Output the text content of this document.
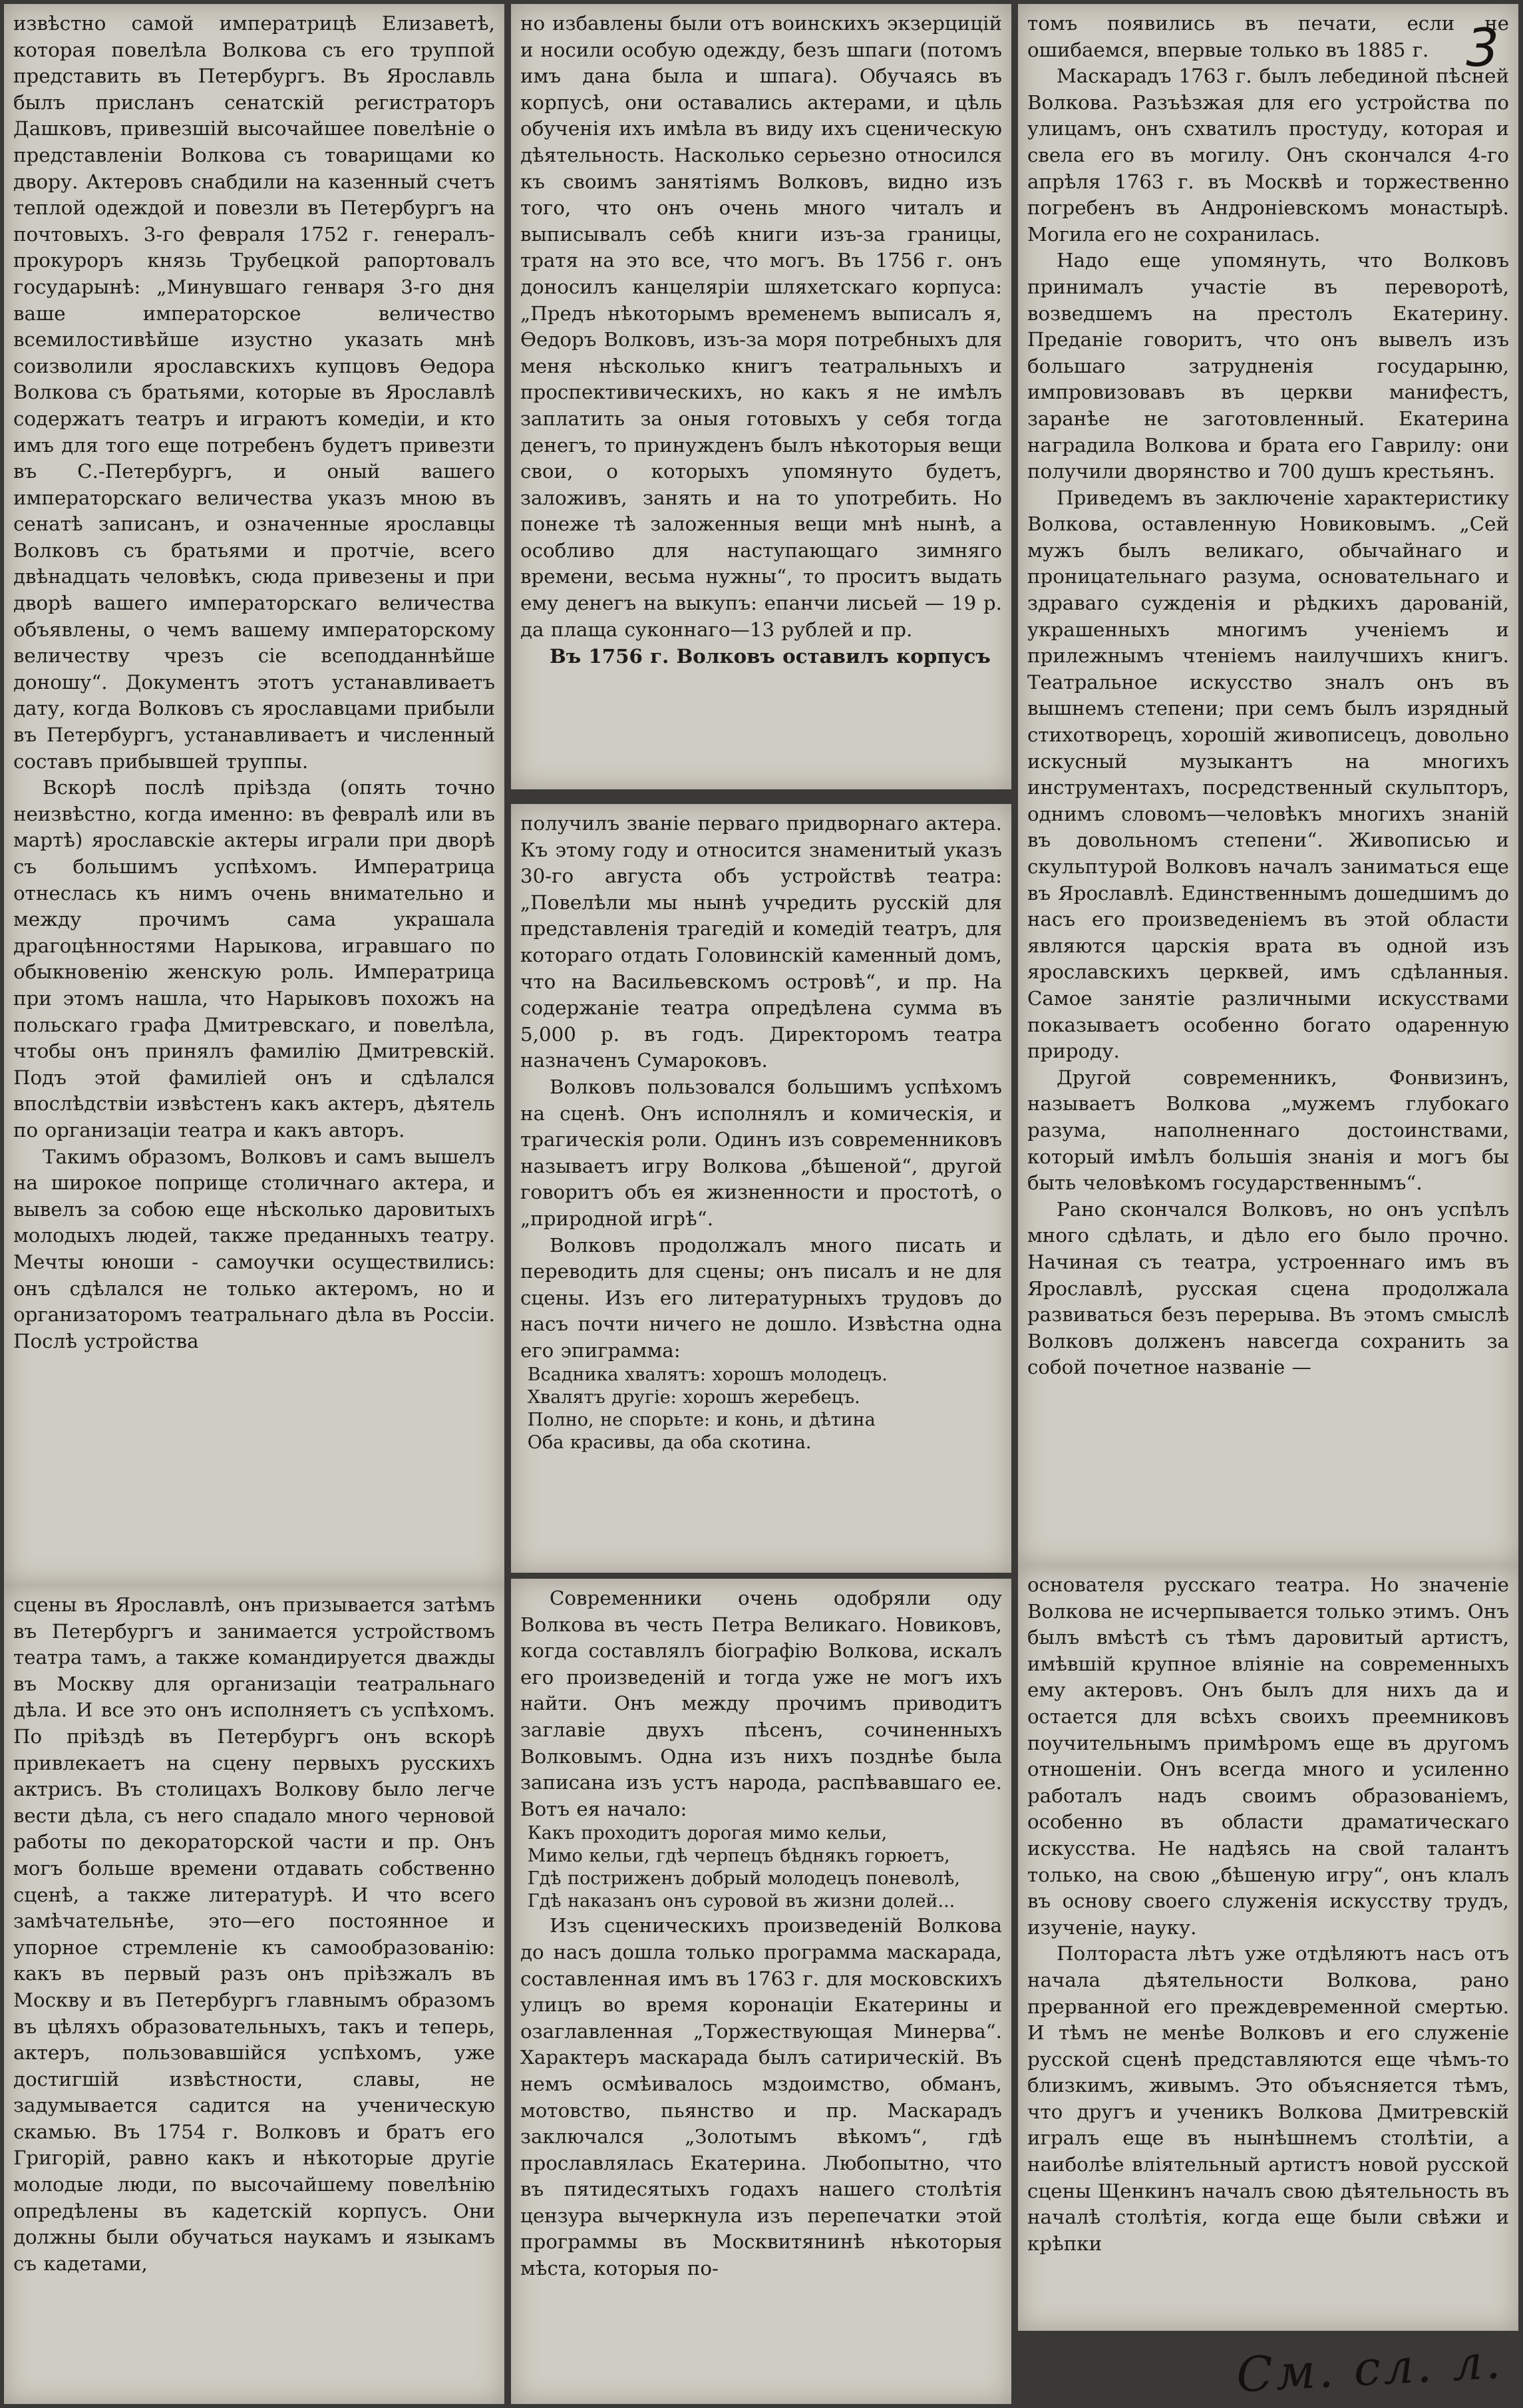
извѣстно самой императрицѣ Елизаветѣ, которая повелѣла Волкова съ его труппой представить въ Петербургъ. Въ Ярославль былъ присланъ сенатскій регистраторъ Дашковъ, привезшій высочайшее повелѣніе о представленіи Волкова съ товарищами ко двору. Актеровъ снабдили на казенный счетъ теплой одеждой и повезли въ Петербургъ на почтовыхъ. 3-го февраля 1752 г. генералъ-прокуроръ князь Трубецкой рапортовалъ государынѣ: „Минувшаго генваря 3-го дня ваше императорское величество всемилостивѣйше изустно указать мнѣ соизволили ярославскихъ купцовъ Ѳедора Волкова съ братьями, которые въ Ярославлѣ содержатъ театръ и играютъ комедіи, и кто имъ для того еще потребенъ будетъ привезти въ С.-Петербургъ, и оный вашего императорскаго величества указъ мною въ сенатѣ записанъ, и означенные ярославцы Волковъ съ братьями и протчіе, всего двѣнадцать человѣкъ, сюда привезены и при дворѣ вашего императорскаго величества объявлены, о чемъ вашему императорскому величеству чрезъ сіе всеподданнѣйше доношу“. Документъ этотъ устанавливаетъ дату, когда Волковъ съ ярославцами прибыли въ Петербургъ, устанавливаетъ и численный составъ прибывшей труппы.

Вскорѣ послѣ пріѣзда (опять точно неизвѣстно, когда именно: въ февралѣ или въ мартѣ) ярославскіе актеры играли при дворѣ съ большимъ успѣхомъ. Императрица отнеслась къ нимъ очень внимательно и между прочимъ сама украшала драгоцѣнностями Нарыкова, игравшаго по обыкновенію женскую роль. Императрица при этомъ нашла, что Нарыковъ похожъ на польскаго графа Дмитревскаго, и повелѣла, чтобы онъ принялъ фамилію Дмитревскій. Подъ этой фамиліей онъ и сдѣлался впослѣдствіи извѣстенъ какъ актеръ, дѣятель по организаціи театра и какъ авторъ.

Такимъ образомъ, Волковъ и самъ вышелъ на широкое поприще столичнаго актера, и вывелъ за собою еще нѣсколько даровитыхъ молодыхъ людей, также преданныхъ театру. Мечты юноши - самоучки осуществились: онъ сдѣлался не только актеромъ, но и организаторомъ театральнаго дѣла въ Россіи. Послѣ устройства

сцены въ Ярославлѣ, онъ призывается затѣмъ въ Петербургъ и занимается устройствомъ театра тамъ, а также командируется дважды въ Москву для организаціи театральнаго дѣла. И все это онъ исполняетъ съ успѣхомъ. По пріѣздѣ въ Петербургъ онъ вскорѣ привлекаетъ на сцену первыхъ русскихъ актрисъ. Въ столицахъ Волкову было легче вести дѣла, съ него спадало много черновой работы по декораторской части и пр. Онъ могъ больше времени отдавать собственно сценѣ, а также литературѣ. И что всего замѣчательнѣе, это—его постоянное и упорное стремленіе къ самообразованію: какъ въ первый разъ онъ пріѣзжалъ въ Москву и въ Петербургъ главнымъ образомъ въ цѣляхъ образовательныхъ, такъ и теперь, актеръ, пользовавшійся успѣхомъ, уже достигшій извѣстности, славы, не задумывается садится на ученическую скамью. Въ 1754 г. Волковъ и братъ его Григорій, равно какъ и нѣкоторые другіе молодые люди, по высочайшему повелѣнію опредѣлены въ кадетскій корпусъ. Они должны были обучаться наукамъ и языкамъ съ кадетами,

но избавлены были отъ воинскихъ экзерцицій и носили особую одежду, безъ шпаги (потомъ имъ дана была и шпага). Обучаясь въ корпусѣ, они оставались актерами, и цѣль обученія ихъ имѣла въ виду ихъ сценическую дѣятельность. Насколько серьезно относился къ своимъ занятіямъ Волковъ, видно изъ того, что онъ очень много читалъ и выписывалъ себѣ книги изъ-за границы, тратя на это все, что могъ. Въ 1756 г. онъ доносилъ канцеляріи шляхетскаго корпуса: „Предъ нѣкоторымъ временемъ выписалъ я, Ѳедоръ Волковъ, изъ-за моря потребныхъ для меня нѣсколько книгъ театральныхъ и проспективическихъ, но какъ я не имѣлъ заплатить за оныя готовыхъ у себя тогда денегъ, то принужденъ былъ нѣкоторыя вещи свои, о которыхъ упомянуто будетъ, заложивъ, занять и на то употребить. Но понеже тѣ заложенныя вещи мнѣ нынѣ, а особливо для наступающаго зимняго времени, весьма нужны“, то проситъ выдать ему денегъ на выкупъ: епанчи лисьей — 19 р. да плаща суконнаго—13 рублей и пр.

Въ 1756 г. Волковъ оставилъ корпусъ

получилъ званіе перваго придворнаго актера. Къ этому году и относится знаменитый указъ 30-го августа объ устройствѣ театра: „Повелѣли мы нынѣ учредить русскій для представленія трагедій и комедій театръ, для котораго отдать Головинскій каменный домъ, что на Васильевскомъ островѣ“, и пр. На содержаніе театра опредѣлена сумма въ 5,000 р. въ годъ. Директоромъ театра назначенъ Сумароковъ.

Волковъ пользовался большимъ успѣхомъ на сценѣ. Онъ исполнялъ и комическія, и трагическія роли. Одинъ изъ современниковъ называетъ игру Волкова „бѣшеной“, другой говоритъ объ ея жизненности и простотѣ, о „природной игрѣ“.

Волковъ продолжалъ много писать и переводить для сцены; онъ писалъ и не для сцены. Изъ его литературныхъ трудовъ до насъ почти ничего не дошло. Извѣстна одна его эпиграмма:

Всадника хвалятъ: хорошъ молодецъ.

Хвалятъ другіе: хорошъ жеребецъ.

Полно, не спорьте: и конь, и дѣтина

Оба красивы, да оба скотина.

Современники очень одобряли оду Волкова въ честь Петра Великаго. Новиковъ, когда составлялъ біографію Волкова, искалъ его произведеній и тогда уже не могъ ихъ найти. Онъ между прочимъ приводитъ заглавіе двухъ пѣсенъ, сочиненныхъ Волковымъ. Одна изъ нихъ позднѣе была записана изъ устъ народа, распѣвавшаго ее. Вотъ ея начало:

Какъ проходитъ дорогая мимо кельи,

Мимо кельи, гдѣ черпецъ бѣднякъ горюетъ,

Гдѣ постриженъ добрый молодецъ поневолѣ,

Гдѣ наказанъ онъ суровой въ жизни долей...

Изъ сценическихъ произведеній Волкова до насъ дошла только программа маскарада, составленная имъ въ 1763 г. для московскихъ улицъ во время коронаціи Екатерины и озаглавленная „Торжествующая Минерва“. Характеръ маскарада былъ сатирическій. Въ немъ осмѣивалось мздоимство, обманъ, мотовство, пьянство и пр. Маскарадъ заключался „Золотымъ вѣкомъ“, гдѣ прославлялась Екатерина. Любопытно, что въ пятидесятыхъ годахъ нашего столѣтія цензура вычеркнула изъ перепечатки этой программы въ Москвитянинѣ нѣкоторыя мѣста, которыя по-

томъ появились въ печати, если не ошибаемся, впервые только въ 1885 г.

Маскарадъ 1763 г. былъ лебединой пѣсней Волкова. Разъѣзжая для его устройства по улицамъ, онъ схватилъ простуду, которая и свела его въ могилу. Онъ скончался 4-го апрѣля 1763 г. въ Москвѣ и торжественно погребенъ въ Андроніевскомъ монастырѣ. Могила его не сохранилась.

Надо еще упомянуть, что Волковъ принималъ участіе въ переворотѣ, возведшемъ на престолъ Екатерину. Преданіе говоритъ, что онъ вывелъ изъ большаго затрудненія государыню, импровизовавъ въ церкви манифестъ, заранѣе не заготовленный. Екатерина наградила Волкова и брата его Гаврилу: они получили дворянство и 700 душъ крестьянъ.

Приведемъ въ заключеніе характеристику Волкова, оставленную Новиковымъ. „Сей мужъ былъ великаго, обычайнаго и проницательнаго разума, основательнаго и здраваго сужденія и рѣдкихъ дарованій, украшенныхъ многимъ ученіемъ и прилежнымъ чтеніемъ наилучшихъ книгъ. Театральное искусство зналъ онъ въ вышнемъ степени; при семъ былъ изрядный стихотворецъ, хорошій живописецъ, довольно искусный музыкантъ на многихъ инструментахъ, посредственный скульпторъ, однимъ словомъ—человѣкъ многихъ знаній въ довольномъ степени“. Живописью и скульптурой Волковъ началъ заниматься еще въ Ярославлѣ. Единственнымъ дошедшимъ до насъ его произведеніемъ въ этой области являются царскія врата въ одной изъ ярославскихъ церквей, имъ сдѣланныя. Самое занятіе различными искусствами показываетъ особенно богато одаренную природу.

Другой современникъ, Фонвизинъ, называетъ Волкова „мужемъ глубокаго разума, наполненнаго достоинствами, который имѣлъ большія знанія и могъ бы быть человѣкомъ государственнымъ“.

Рано скончался Волковъ, но онъ успѣлъ много сдѣлать, и дѣло его было прочно. Начиная съ театра, устроеннаго имъ въ Ярославлѣ, русская сцена продолжала развиваться безъ перерыва. Въ этомъ смыслѣ Волковъ долженъ навсегда сохранить за собой почетное названіе —

основателя русскаго театра. Но значеніе Волкова не исчерпывается только этимъ. Онъ былъ вмѣстѣ съ тѣмъ даровитый артистъ, имѣвшій крупное вліяніе на современныхъ ему актеровъ. Онъ былъ для нихъ да и остается для всѣхъ своихъ преемниковъ поучительнымъ примѣромъ еще въ другомъ отношеніи. Онъ всегда много и усиленно работалъ надъ своимъ образованіемъ, особенно въ области драматическаго искусства. Не надѣясь на свой талантъ только, на свою „бѣшеную игру“, онъ клалъ въ основу своего служенія искусству трудъ, изученіе, науку.

Полтораста лѣтъ уже отдѣляютъ насъ отъ начала дѣятельности Волкова, рано прерванной его преждевременной смертью. И тѣмъ не менѣе Волковъ и его служеніе русской сценѣ представляются еще чѣмъ-то близкимъ, живымъ. Это объясняется тѣмъ, что другъ и ученикъ Волкова Дмитревскій игралъ еще въ нынѣшнемъ столѣтіи, а наиболѣе вліятельный артистъ новой русской сцены Щенкинъ началъ свою дѣятельность въ началѣ столѣтія, когда еще были свѣжи и крѣпки

3
См. сл. л.
